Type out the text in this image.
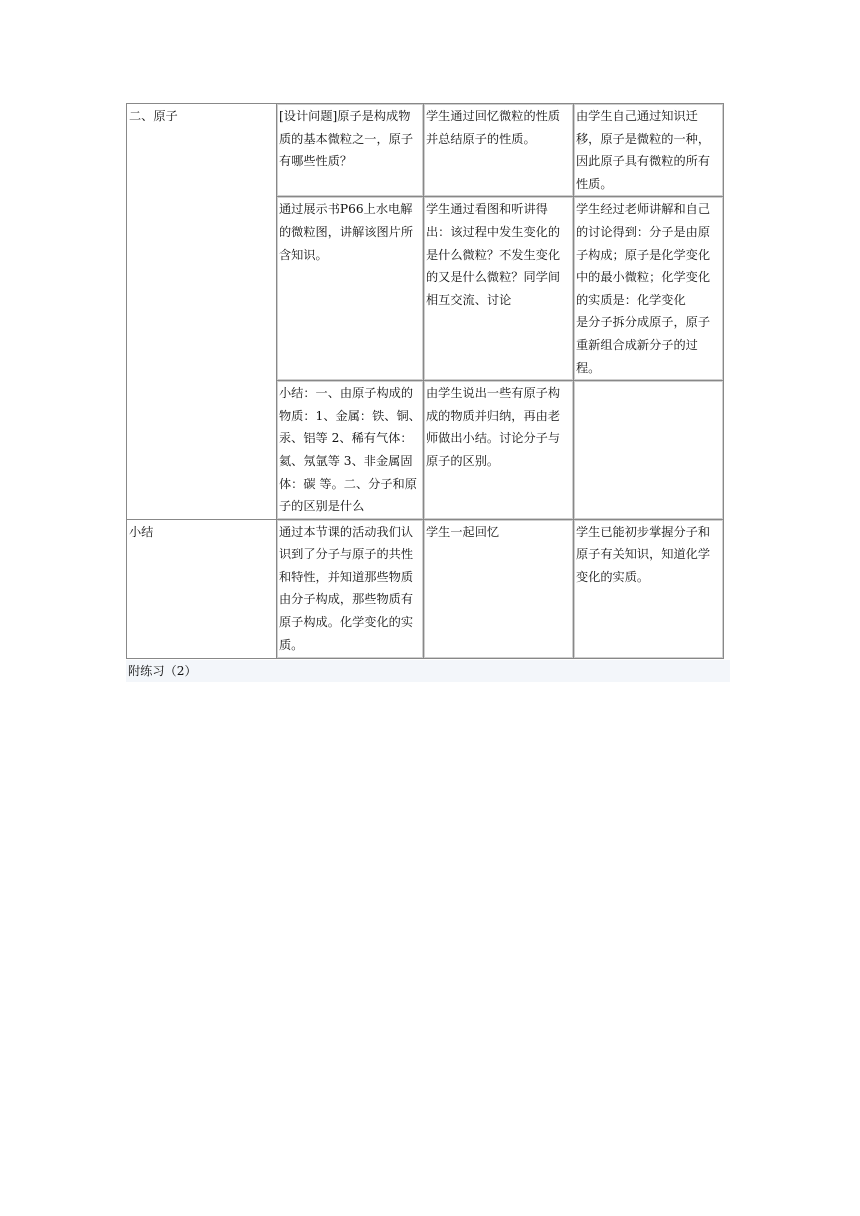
二、原子	[设计问题]原子是构成物质的基本微粒之一，原子有哪些性质？	学生通过回忆微粒的性质并总结原子的性质。	由学生自己通过知识迁移，原子是微粒的一种，因此原子具有微粒的所有性质。
	通过展示书P66上水电解的微粒图，讲解该图片所含知识。	学生通过看图和听讲得出：该过程中发生变化的是什么微粒？不发生变化的又是什么微粒？同学间相互交流、讨论	学生经过老师讲解和自己的讨论得到：分子是由原子构成；原子是化学变化中的最小微粒；化学变化的实质是：化学变化
是分子拆分成原子，原子重新组合成新分子的过程。

	小结：一、由原子构成的物质：1、金属：铁、铜、汞、铝等 2、稀有气体：氦、氖氩等 3、非金属固体：碳 等。二、分子和原子的区别是什么	由学生说出一些有原子构成的物质并归纳，再由老师做出小结。讨论分子与原子的区别。	
小结	通过本节课的活动我们认识到了分子与原子的共性和特性，并知道那些物质由分子构成，那些物质有原子构成。化学变化的实质。	学生一起回忆	学生已能初步掌握分子和原子有关知识，知道化学变化的实质。
附练习（2）
